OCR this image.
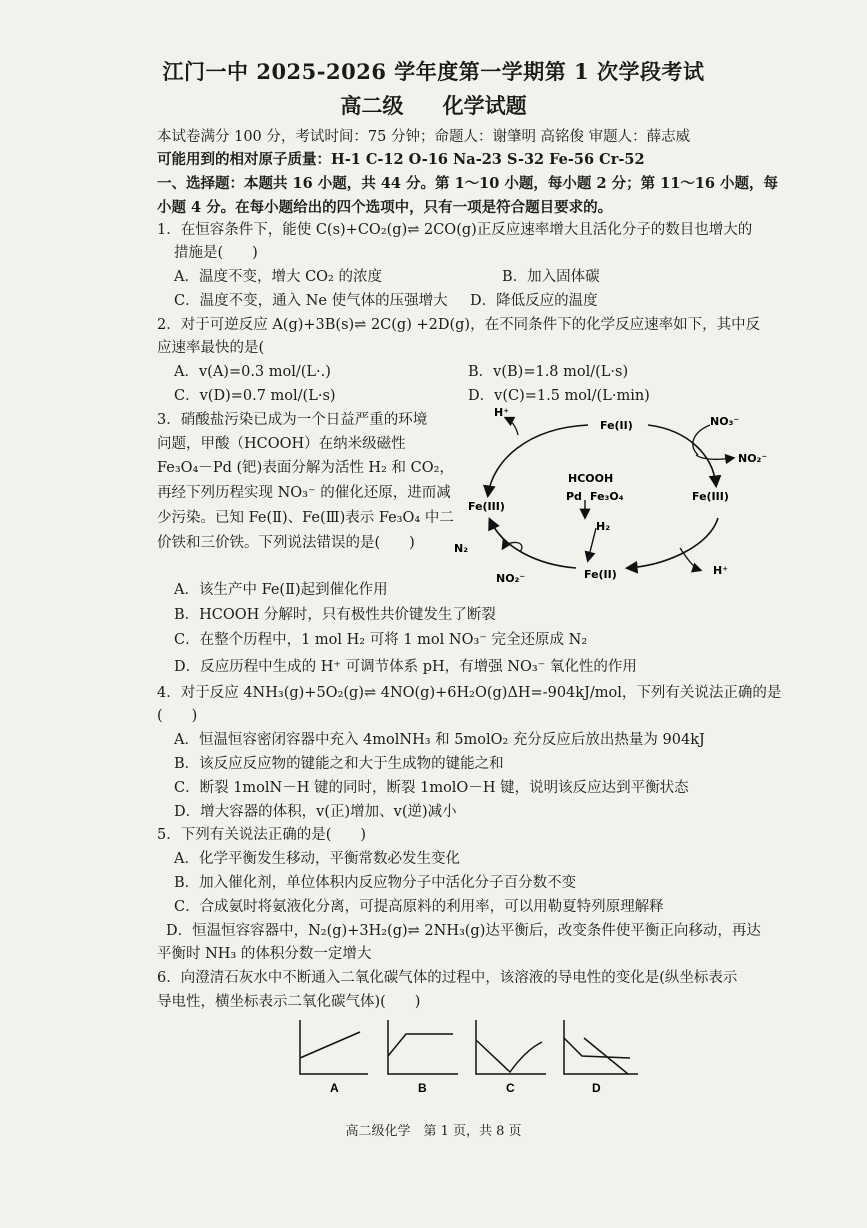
江门一中 2025-2026 学年度第一学期第 1 次学段考试
高二级 化学试题
本试卷满分 100 分，考试时间：75 分钟；命题人：谢肇明 高铭俊 审题人：薛志威
可能用到的相对原子质量：H-1 C-12 O-16 Na-23 S-32 Fe-56 Cr-52
一、选择题：本题共 16 小题，共 44 分。第 1～10 小题，每小题 2 分；第 11～16 小题，每
小题 4 分。在每小题给出的四个选项中，只有一项是符合题目要求的。
1．在恒容条件下，能使 C(s)+CO₂(g)⇌ 2CO(g)正反应速率增大且活化分子的数目也增大的
措施是(　　)
A．温度不变，增大 CO₂ 的浓度	B．加入固体碳
C．温度不变，通入 Ne 使气体的压强增大 D．降低反应的温度
2．对于可逆反应 A(g)+3B(s)⇌ 2C(g) +2D(g)，在不同条件下的化学反应速率如下，其中反
应速率最快的是(
A．v(A)=0.3 mol/(L·.)	B．v(B)=1.8 mol/(L·s)
C．v(D)=0.7 mol/(L·s)	D．v(C)=1.5 mol/(L·min)
3．硝酸盐污染已成为一个日益严重的环境
问题，甲酸（HCOOH）在纳米级磁性
Fe₃O₄－Pd (钯)表面分解为活性 H₂ 和 CO₂，
再经下列历程实现 NO₃⁻ 的催化还原，进而减
少污染。已知 Fe(Ⅱ)、Fe(Ⅲ)表示 Fe₃O₄ 中二
价铁和三价铁。下列说法错误的是(　　)
H⁺
Fe(II)	NO₃⁻
NO₂⁻
Fe(III)
Fe(III)
HCOOH
Pd Fe₃O₄
H₂
N₂
NO₂⁻	Fe(II)	H⁺
A．该生产中 Fe(Ⅱ)起到催化作用
B．HCOOH 分解时，只有极性共价键发生了断裂
C．在整个历程中，1 mol H₂ 可将 1 mol NO₃⁻ 完全还原成 N₂
D．反应历程中生成的 H⁺ 可调节体系 pH，有增强 NO₃⁻ 氧化性的作用
4．对于反应 4NH₃(g)+5O₂(g)⇌ 4NO(g)+6H₂O(g)ΔH=-904kJ/mol，下列有关说法正确的是
(　　)
A．恒温恒容密闭容器中充入 4molNH₃ 和 5molO₂ 充分反应后放出热量为 904kJ
B．该反应反应物的键能之和大于生成物的键能之和
C．断裂 1molN－H 键的同时，断裂 1molO－H 键，说明该反应达到平衡状态
D．增大容器的体积，v(正)增加、v(逆)减小
5．下列有关说法正确的是(　　)
A．化学平衡发生移动，平衡常数必发生变化
B．加入催化剂，单位体积内反应物分子中活化分子百分数不变
C．合成氨时将氨液化分离，可提高原料的利用率，可以用勒夏特列原理解释
D．恒温恒容容器中，N₂(g)+3H₂(g)⇌ 2NH₃(g)达平衡后，改变条件使平衡正向移动，再达
平衡时 NH₃ 的体积分数一定增大
6．向澄清石灰水中不断通入二氧化碳气体的过程中，该溶液的导电性的变化是(纵坐标表示
导电性，横坐标表示二氧化碳气体)(　　)
A	B	C	D
高二级化学　第 1 页，共 8 页
